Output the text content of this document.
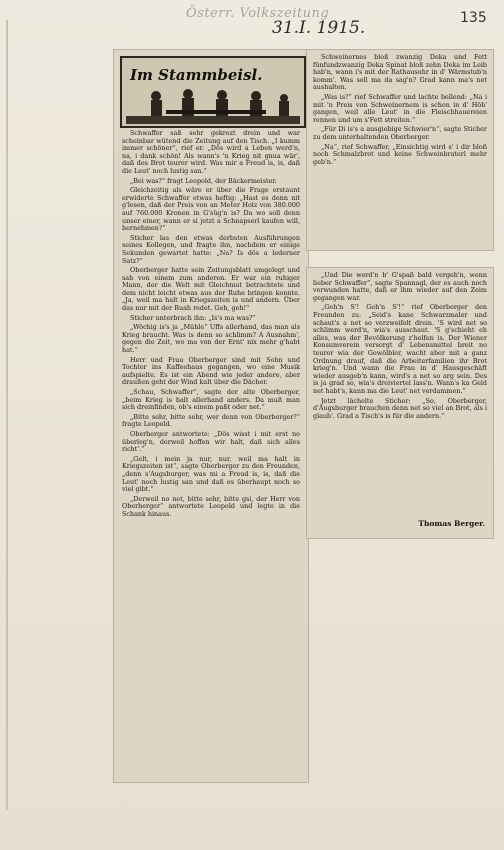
Österr. Volkszeitung
31.I. 1915.	135
Im Stammbeisl.

Schwaffer saß sehr gekrezt drein und war scheinbar wütend die Zeitung auf den Tisch. „I kumm immer schöner“, rief er. „Dös wird a Leben werd'n, na, i dank schön! Als wann's 'n Krieg nit gnua wär', daß des Brot teurer wird. Was mir a Freud is, is, daß die Leut' noch lustig san.“

„Bei was?“ fragt Leopold, der Bäckermeister.

Gleichzeitig als wäre er über die Frage erstaunt erwiderte Schwaffer etwas heftig: „Hast es denn nit g'lesen, daß der Preis von an Meter Holz von 380.000 auf 760.000 Kronen in G'süg'n is? Da wo soll denn unser einer, wann er si jetzt a Schnapserl kaufen will, hernehmen?“

Sticher las den etwas derbsten Ausführungen seines Kollegen, und fragte ihn, nachdem er einige Sekunden gewartet hatte: „Na? Is dös a lederner Satz?“

Oberberger hatte sein Zeitungsblatt umgelegt und sah von einem zum anderen. Er war ein ruhiger Mann, der die Welt mit Gleichmut betrachtete und dem nicht leicht etwas aus der Ruhe bringen konnte. „Ja, weil ma halt in Kriegszeiten is und andern. Über das nur mit der Ruah redet. Geh, geh!“

Sticher unterbrach ihn: „Is's ma was?“

„Wöchig is's ja „Mühle“ Uffs allerhand, das man als Krieg braucht. Was is denn so schlimm? A Ausnahm', gegen die Zeit, wo ma von der Ernt' nix mehr g'habt hat.“

Herr und Frau Oberberger sind mit Sohn und Tochter ins Kaffeehaus gegangen, wo eine Musik aufspielte. Es ist ein Abend wie jeder andere, aber draußen geht der Wind kalt über die Dächer.

„Schau, Schwaffer“, sagte der alte Oberberger, „beim Krieg is halt allerhand anders. Da muß man sich dreinfinden, ob's einem paßt oder net.“

„Bitte sehr, bitte sehr, wer denn von Oberberger?“ fragte Leopold.

Oberberger antwortete: „Dös wisst i mit erst no überleg'n, derweil hoffen wir halt, daß sich alles richt'.“

„Gelt, i mein ja nur, nur, weil ma halt in Kriegszeiten ist“, sagte Oberberger zu den Freunden, „denn s'Augsburger, was mi a Freud is, is, daß die Leut' noch lustig san und daß es überhaupt noch so viel gibt.“

„Derweil no net, bitte sehr, bitte gsi, der Herr von Oberberger“ antwortete Leopold und legte in die Schank hinaus.

Schweinernes bloß zwanzig Deka und Fett fünfundzwanzig Deka Spinat bloß zehn Deka im Leib hab'n, wann i's mit der Rathausuhr in d' Wärmstub'n komm'. Was soll ma da sag'n? Grad kann ma's net aushalten.

„Was is?“ rief Schwaffer und lachte bellend: „Na i mit 'n Preis von Schweinernem is schon in d' Höh' gangen, weil alle Leut' in die Fleischhauereien rennen und um s'Fett streiten.“

„Für Di is's a ausgiebige Schwier'n“, sagte Sticher zu dem unterhaltenden Oberberger.

„Na“, rief Schwaffer, „Einsichtig wird s' i dir bloß noch Schmalzbrot und keine Schweinbraterl mehr geb'n.“

„Und Die werd'n b' G'spaß bald vergeh'n, wenn lieber Schwaffer“, sagte Spannagl, der es auch noch verwunden hatte, daß er ihm wieder auf den Zeim gegangen war.

„Geh'n S'! Geh'n S'!“ rief Oberberger den Freunden zu. „Seid's kane Schwarzmaler und schaut's a net so verzweifelt drein. 'S wird net so schlimm werd'n, wia's ausschaut. 'S g'schieht eh alles, was der Bevölkerung z'helfen is. Der Wiener Konsumverein versorgt d' Lebensmittel breit no teurer wia der Gewölbler, wacht aber mit a ganz Ordnung drauf, daß die Arbeiterfamilien ihr Brot krieg'n. Und wann die Frau in d' Hausgeschäft wieder ausgeb'n kann, wird's a net so arg sein. Des is ja grad so, wia's dreiviertel lass'n. Wann's ka Geld net habt's, kann ma die Leut' net verdammen.“

Jetzt lächelte Sticher: „So, Oberberger, d'Augsburger brauchen denn net so viel an Brot, als i glaub'. Grad a Tisch's is für die andern.“

Thomas Berger.
